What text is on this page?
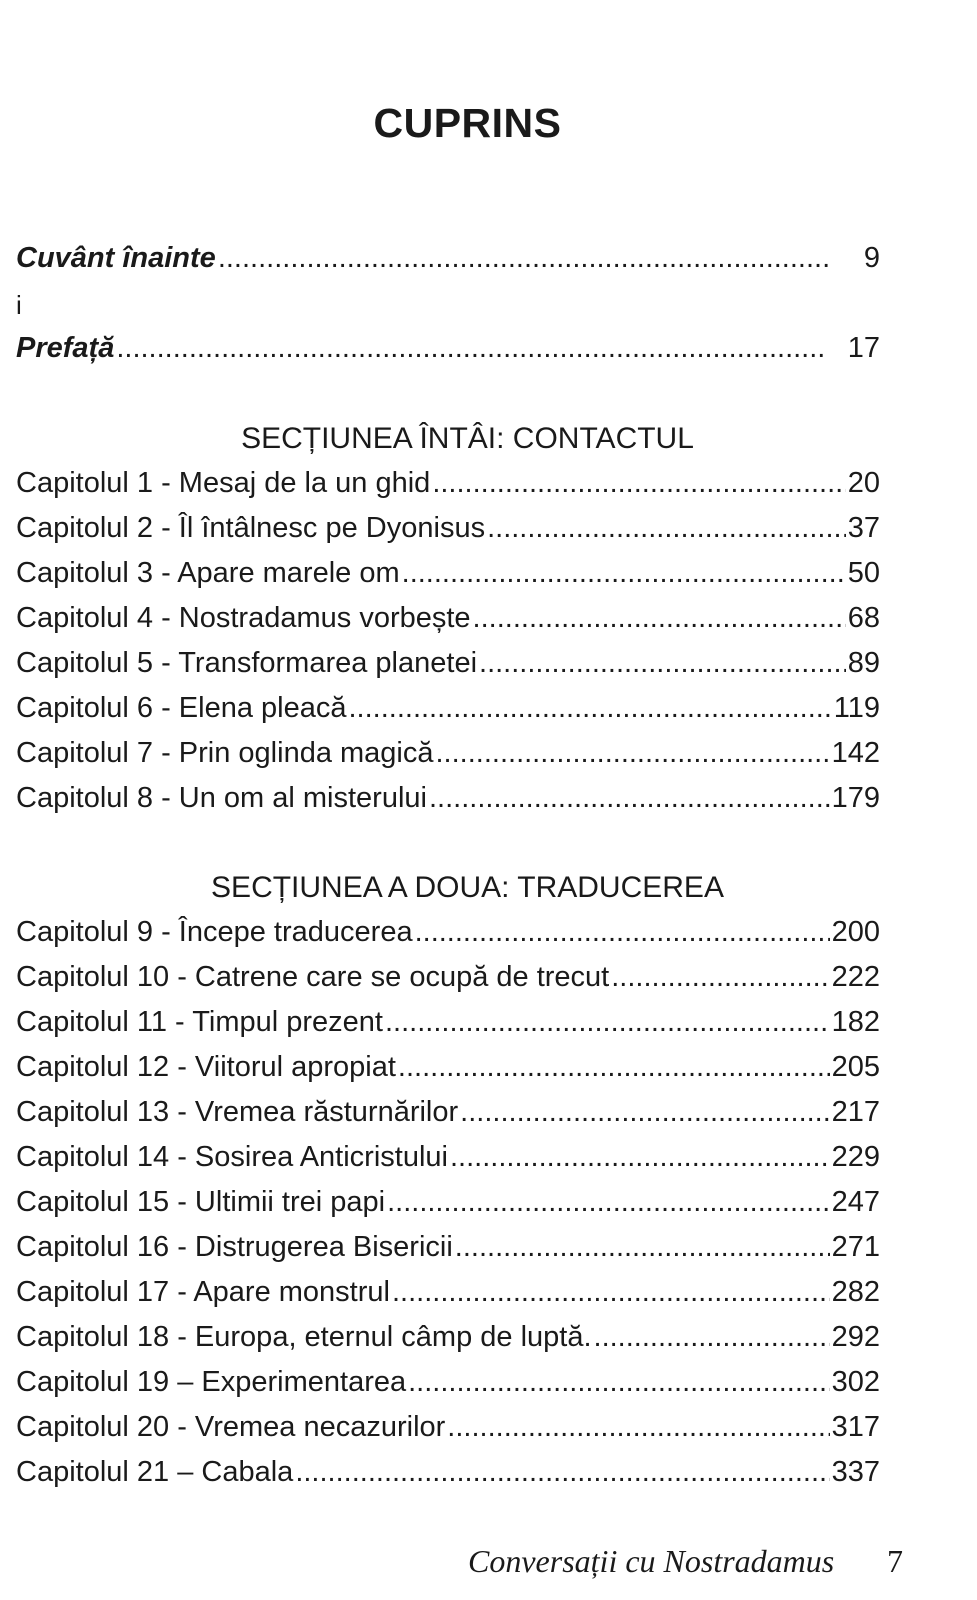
CUPRINS
Cuvânt înainte .....	9
i
Prefață .....	17
SECȚIUNEA ÎNTÂI: CONTACTUL
Capitolul 1 - Mesaj de la un ghid .....	20
Capitolul 2 - Îl întâlnesc pe Dyonisus .....	37
Capitolul 3 - Apare marele om .....	50
Capitolul 4 - Nostradamus vorbește .....	68
Capitolul 5 - Transformarea planetei .....	89
Capitolul 6 - Elena pleacă .....	119
Capitolul 7 - Prin oglinda magică .....	142
Capitolul 8 - Un om al misterului .....	179
SECȚIUNEA A DOUA: TRADUCEREA
Capitolul 9 - Începe traducerea .....	200
Capitolul 10 - Catrene care se ocupă de trecut .....	222
Capitolul 11 - Timpul prezent .....	182
Capitolul 12 - Viitorul apropiat .....	205
Capitolul 13 - Vremea răsturnărilor .....	217
Capitolul 14 - Sosirea Anticristului .....	229
Capitolul 15 - Ultimii trei papi .....	247
Capitolul 16 - Distrugerea Bisericii .....	271
Capitolul 17 - Apare monstrul .....	282
Capitolul 18 - Europa, eternul câmp de luptă. .....	292
Capitolul 19 – Experimentarea .....	302
Capitolul 20 - Vremea necazurilor .....	317
Capitolul 21 – Cabala .....	337
Conversații cu Nostradamus 7
